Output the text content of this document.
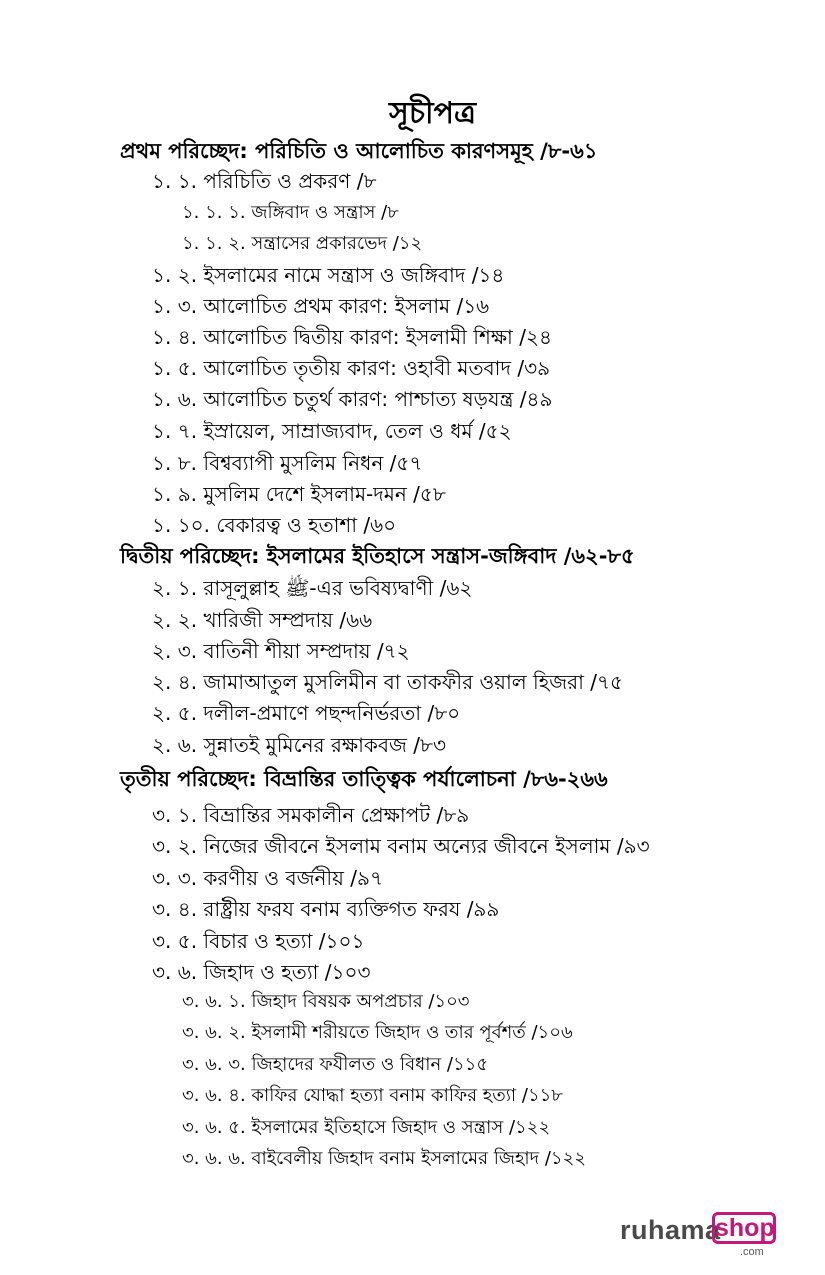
সূচীপত্র
প্রথম পরিচ্ছেদ: পরিচিতি ও আলোচিত কারণসমূহ /৮-৬১
১. ১. পরিচিতি ও প্রকরণ /৮
১. ১. ১. জঙ্গিবাদ ও সন্ত্রাস /৮
১. ১. ২. সন্ত্রাসের প্রকারভেদ /১২
১. ২. ইসলামের নামে সন্ত্রাস ও জঙ্গিবাদ /১৪
১. ৩. আলোচিত প্রথম কারণ: ইসলাম /১৬
১. ৪. আলোচিত দ্বিতীয় কারণ: ইসলামী শিক্ষা /২৪
১. ৫. আলোচিত তৃতীয় কারণ: ওহাবী মতবাদ /৩৯
১. ৬. আলোচিত চতুর্থ কারণ: পাশ্চাত্য ষড়যন্ত্র /৪৯
১. ৭. ইস্রায়েল, সাম্রাজ্যবাদ, তেল ও ধর্ম /৫২
১. ৮. বিশ্বব্যাপী মুসলিম নিধন /৫৭
১. ৯. মুসলিম দেশে ইসলাম-দমন /৫৮
১. ১০. বেকারত্ব ও হতাশা /৬০
দ্বিতীয় পরিচ্ছেদ: ইসলামের ইতিহাসে সন্ত্রাস-জঙ্গিবাদ /৬২-৮৫
২. ১. রাসূলুল্লাহ ﷺ-এর ভবিষ্যদ্বাণী /৬২
২. ২. খারিজী সম্প্রদায় /৬৬
২. ৩. বাতিনী শীয়া সম্প্রদায় /৭২
২. ৪. জামাআতুল মুসলিমীন বা তাকফীর ওয়াল হিজরা /৭৫
২. ৫. দলীল-প্রমাণে পছন্দনির্ভরতা /৮০
২. ৬. সুন্নাতই মুমিনের রক্ষাকবজ /৮৩
তৃতীয় পরিচ্ছেদ: বিভ্রান্তির তাত্ত্বিক পর্যালোচনা /৮৬-২৬৬
৩. ১. বিভ্রান্তির সমকালীন প্রেক্ষাপট /৮৯
৩. ২. নিজের জীবনে ইসলাম বনাম অন্যের জীবনে ইসলাম /৯৩
৩. ৩. করণীয় ও বর্জনীয় /৯৭
৩. ৪. রাষ্ট্রীয় ফরয বনাম ব্যক্তিগত ফরয /৯৯
৩. ৫. বিচার ও হত্যা /১০১
৩. ৬. জিহাদ ও হত্যা /১০৩
৩. ৬. ১. জিহাদ বিষয়ক অপপ্রচার /১০৩
৩. ৬. ২. ইসলামী শরীয়তে জিহাদ ও তার পূর্বশর্ত /১০৬
৩. ৬. ৩. জিহাদের ফযীলত ও বিধান /১১৫
৩. ৬. ৪. কাফির যোদ্ধা হত্যা বনাম কাফির হত্যা /১১৮
৩. ৬. ৫. ইসলামের ইতিহাসে জিহাদ ও সন্ত্রাস /১২২
৩. ৬. ৬. বাইবেলীয় জিহাদ বনাম ইসলামের জিহাদ /১২২
ruhama
shop
.com
